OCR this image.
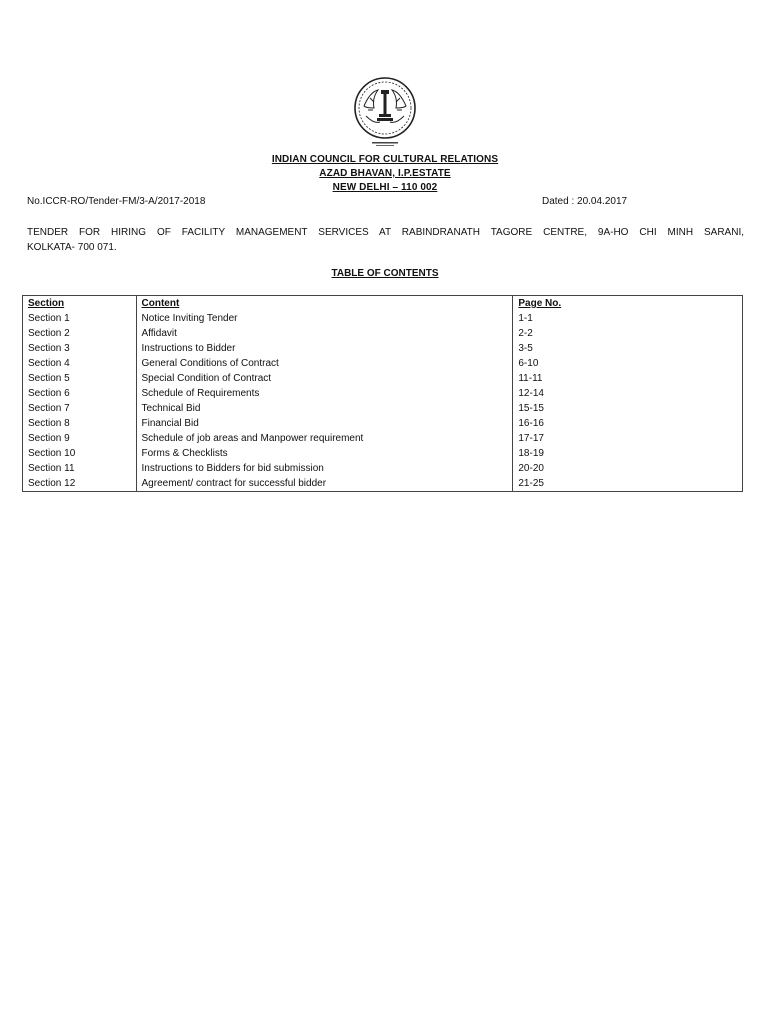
INDIAN COUNCIL FOR CULTURAL RELATIONS
AZAD BHAVAN, I.P.ESTATE
NEW DELHI – 110 002
No.ICCR-RO/Tender-FM/3-A/2017-2018	Dated : 20.04.2017
TENDER FOR HIRING OF FACILITY MANAGEMENT SERVICES AT RABINDRANATH TAGORE CENTRE, 9A-HO CHI MINH SARANI,
KOLKATA- 700 071.
TABLE OF CONTENTS
Section	Content	Page No.
Section 1	Notice Inviting Tender	1-1
Section 2	Affidavit	2-2
Section 3	Instructions to Bidder	3-5
Section 4	General Conditions of Contract	6-10
Section 5	Special Condition of Contract	11-11
Section 6	Schedule of Requirements	12-14
Section 7	Technical Bid	15-15
Section 8	Financial Bid	16-16
Section 9	Schedule of job areas and Manpower requirement	17-17
Section 10	Forms & Checklists	18-19
Section 11	Instructions to Bidders for bid submission	20-20
Section 12	Agreement/ contract for successful bidder	21-25
